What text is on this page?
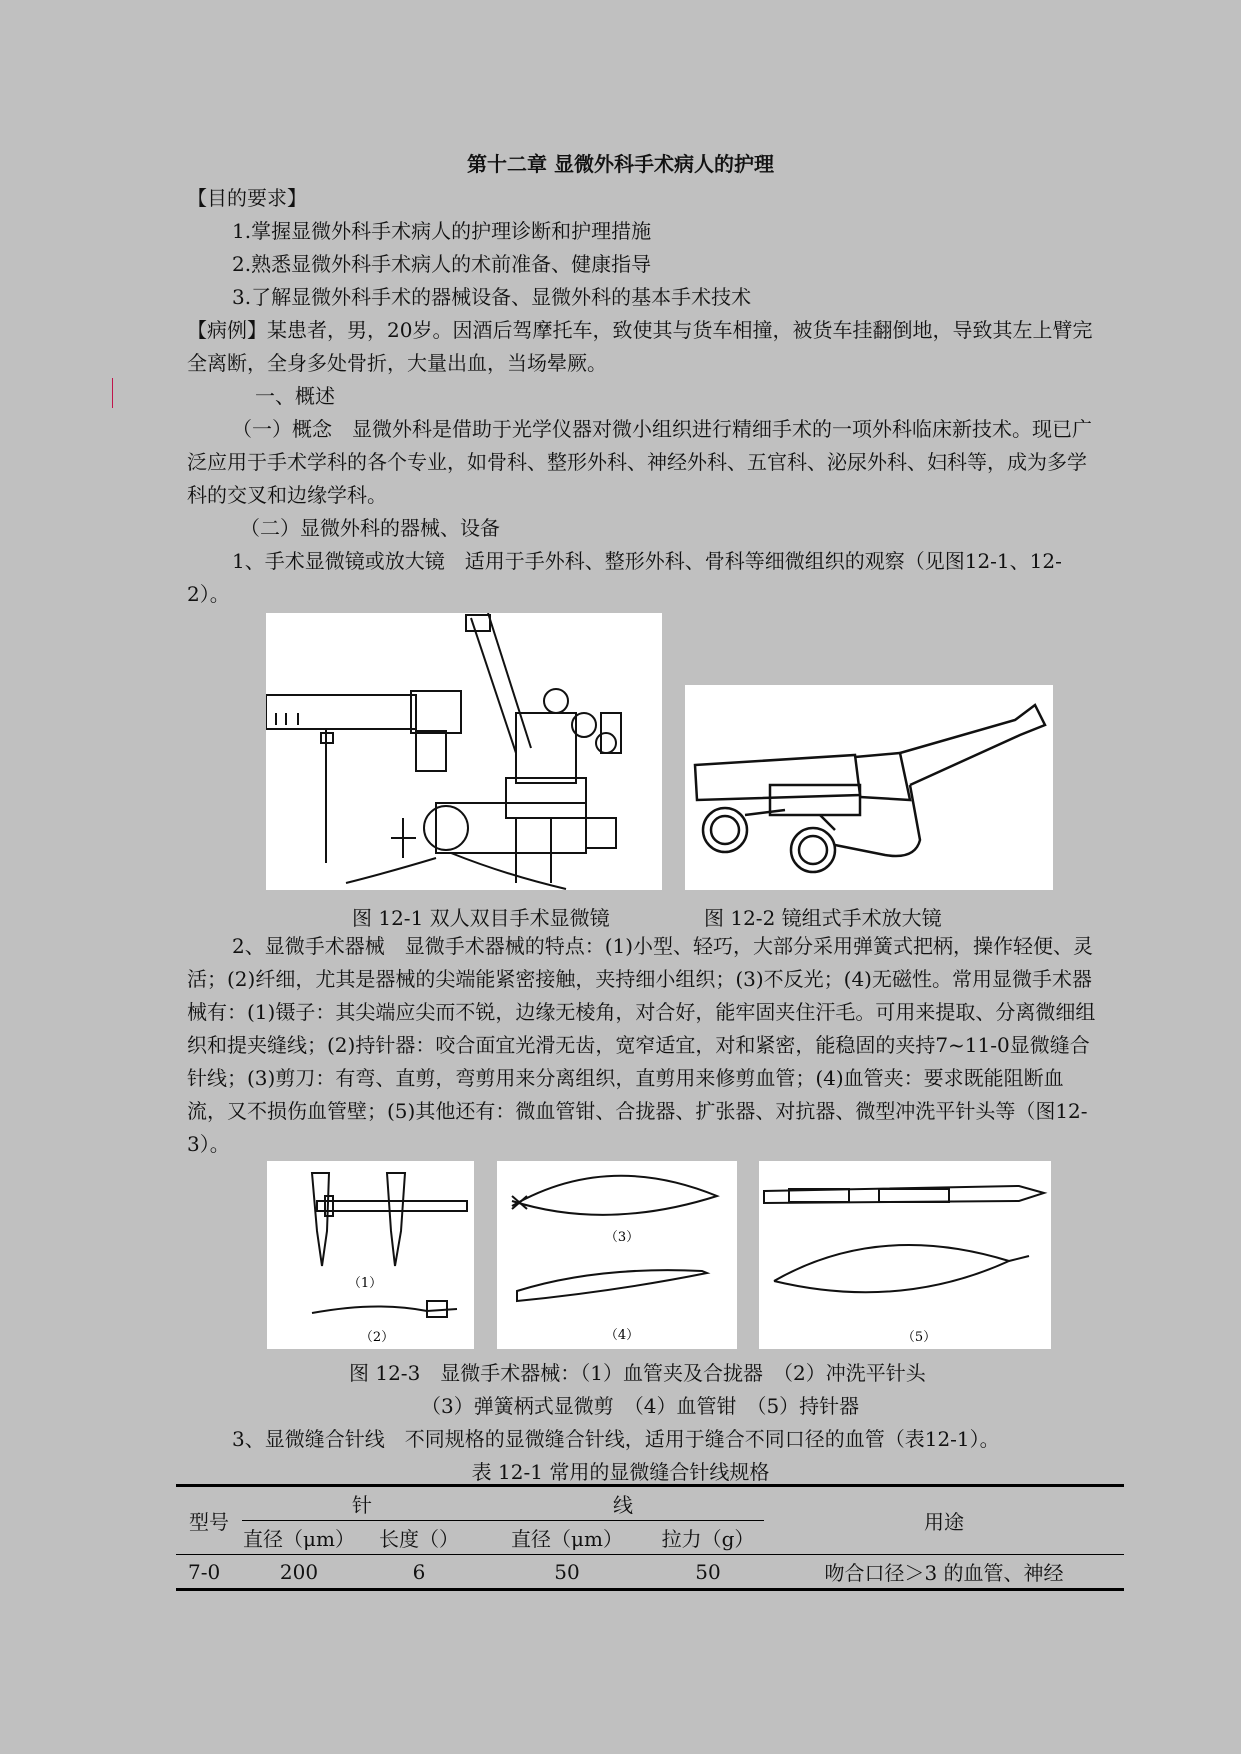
第十二章 显微外科手术病人的护理
【目的要求】
1.掌握显微外科手术病人的护理诊断和护理措施
2.熟悉显微外科手术病人的术前准备、健康指导
3.了解显微外科手术的器械设备、显微外科的基本手术技术
【病例】某患者，男，20岁。因酒后驾摩托车，致使其与货车相撞，被货车挂翻倒地，导致其左上臂完全离断，全身多处骨折，大量出血，当场晕厥。
一、概述
（一）概念　显微外科是借助于光学仪器对微小组织进行精细手术的一项外科临床新技术。现已广泛应用于手术学科的各个专业，如骨科、整形外科、神经外科、五官科、泌尿外科、妇科等，成为多学科的交叉和边缘学科。
（二）显微外科的器械、设备
1、手术显微镜或放大镜　适用于手外科、整形外科、骨科等细微组织的观察（见图12-1、12-2）。
图 12-1 双人双目手术显微镜	图 12-2 镜组式手术放大镜
2、显微手术器械　显微手术器械的特点：(1)小型、轻巧，大部分采用弹簧式把柄，操作轻便、灵活；(2)纤细，尤其是器械的尖端能紧密接触，夹持细小组织；(3)不反光；(4)无磁性。常用显微手术器械有：(1)镊子：其尖端应尖而不锐，边缘无棱角，对合好，能牢固夹住汗毛。可用来提取、分离微细组织和提夹缝线；(2)持针器：咬合面宜光滑无齿，宽窄适宜，对和紧密，能稳固的夹持7~11-0显微缝合针线；(3)剪刀：有弯、直剪，弯剪用来分离组织，直剪用来修剪血管；(4)血管夹：要求既能阻断血流，又不损伤血管壁；(5)其他还有：微血管钳、合拢器、扩张器、对抗器、微型冲洗平针头等（图12-3）。
（1）
（2）
（3）
（4）	（5）
图 12-3　显微手术器械：（1）血管夹及合拢器　（2）冲洗平针头
（3）弹簧柄式显微剪　（4）血管钳　（5）持针器
3、显微缝合针线　不同规格的显微缝合针线，适用于缝合不同口径的血管（表12-1）。
表 12-1 常用的显微缝合针线规格
型号	针		线		用途
	直径（μm）	长度（）	直径（μm）	拉力（g）	
7-0	200	6	50	50	吻合口径＞3 的血管、神经
